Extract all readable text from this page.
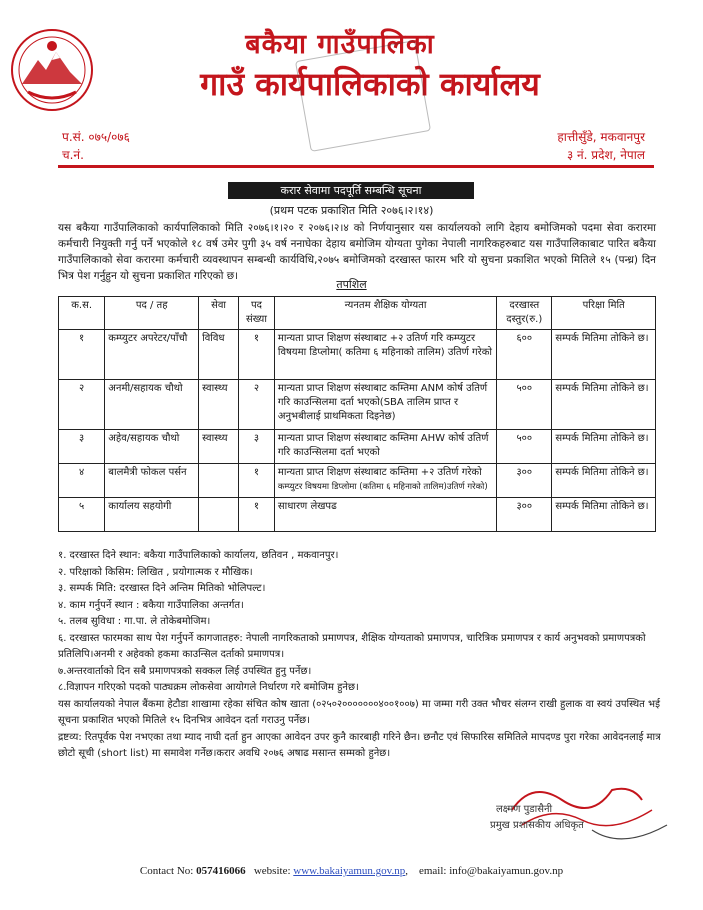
बकैया गाउँपालिका
गाउँ कार्यपालिकाको कार्यालय
प.सं. ०७५/०७६
च.नं.
हात्तीसुँडे, मकवानपुर
३ नं. प्रदेश, नेपाल
करार सेवामा पदपूर्ति सम्बन्धि सूचना
(प्रथम पटक प्रकाशित मिति २०७६।२।१४)
यस बकैया गाउँपालिकाको कार्यपालिकाको मिति २०७६।१।२० र २०७६।२।४ को निर्णयानुसार यस कार्यालयको लागि देहाय बमोजिमको पदमा सेवा करारमा कर्मचारी नियुक्ती गर्नु पर्ने भएकोले १८ वर्ष उमेर पुगी ३५ वर्ष ननाघेका देहाय बमोजिम योग्यता पुगेका नेपाली नागरिकहरुबाट यस गाउँपालिकाबाट पारित बकैया गाउँपालिकाको सेवा करारमा कर्मचारी व्यवस्थापन सम्बन्धी कार्यविधि,२०७५ बमोजिमको दरखास्त फारम भरि यो सुचना प्रकाशित भएको मितिले १५ (पन्ध्र) दिन भित्र पेश गर्नुहुन यो सुचना प्रकाशित गरिएको छ।
तपशिल
क.स.	पद / तह	सेवा	पद संख्या	न्यनतम शैक्षिक योग्यता	दरखास्त दस्तुर(रु.)	परिक्षा मिति
१	कम्प्युटर अपरेटर/पाँचौ	विविध	१	मान्यता प्राप्त शिक्षण संस्थाबाट +२ उतिर्ण गरि कम्प्युटर विषयमा डिप्लोमा( कतिमा ६ महिनाको तालिम) उतिर्ण गरेको	६००	सम्पर्क मितिमा तोकिने छ।
२	अनमी/सहायक चौथो	स्वास्थ्य	२	मान्यता प्राप्त शिक्षण संस्थाबाट कम्तिमा ANM कोर्ष उतिर्ण गरि काउन्सिलमा दर्ता भएको(SBA तालिम प्राप्त र अनुभबीलाई प्राथमिकता दिइनेछ)	५००	सम्पर्क मितिमा तोकिने छ।
३	अहेव/सहायक चौथो	स्वास्थ्य	३	मान्यता प्राप्त शिक्षण संस्थाबाट कम्तिमा AHW कोर्ष उतिर्ण गरि काउन्सिलमा दर्ता भएको	५००	सम्पर्क मितिमा तोकिने छ।
४	बालमैत्री फोकल पर्सन		१	मान्यता प्राप्त शिक्षण संस्थाबाट कम्तिमा +२ उतिर्ण गरेको
कम्प्युटर विषयमा डिप्लोमा (कतिमा ६ महिनाको तालिम)उतिर्ण गरेको)	३००	सम्पर्क मितिमा तोकिने छ।
५	कार्यालय सहयोगी		१	साधारण लेखपढ	३००	सम्पर्क मितिमा तोकिने छ।
१. दरखास्त दिने स्थान: बकैया गाउँपालिकाको कार्यालय, छतिवन , मकवानपुर।
२. परिक्षाको किसिम: लिखित , प्रयोगात्मक र मौखिक।
३. सम्पर्क मिति: दरखास्त दिने अन्तिम मितिको भोलिपल्ट।
४. काम गर्नुपर्ने स्थान : बकैया गाउँपालिका अन्तर्गत।
५. तलब सुविधा : गा.पा. ले तोकेबमोजिम।
६. दरखास्त फारमका साथ पेश गर्नुपर्ने कागजातहरु: नेपाली नागरिकताको प्रमाणपत्र, शैक्षिक योग्यताको प्रमाणपत्र, चारित्रिक प्रमाणपत्र र कार्य अनुभवको प्रमाणपत्रको प्रतिलिपि।अनमी र अहेवको हकमा काउन्सिल दर्ताको प्रमाणपत्र।
७.अन्तरवार्ताको दिन सबै प्रमाणपत्रको सक्कल लिई उपस्थित हुनु पर्नेछ।
८.विज्ञापन गरिएको पदको पाठ्यक्रम लोकसेवा आयोगले निर्धारण गरे बमोजिम हुनेछ।
यस कार्यालयको नेपाल बैंकमा हेटौडा शाखामा रहेका संचित कोष खाता (०२५०२०००००००४००१००७) मा जम्मा गरी उक्त भौचर संलग्न राखी हुलाक वा स्वयं उपस्थित भई सूचना प्रकाशित भएको मितिले १५ दिनभित्र आवेदन दर्ता गराउनु पर्नेछ।
द्रष्टव्य: रितपूर्वक पेश नभएका तथा म्याद नाघी दर्ता हुन आएका आवेदन उपर कुनै कारबाही गरिने छैन। छनौट एवं सिफारिस समितिले मापदण्ड पुरा गरेका आवेदनलाई मात्र छोटो सूची (short list) मा समावेश गर्नेछ।करार अवधि २०७६ अषाढ मसान्त सम्मको हुनेछ।
लक्ष्मण पुडासैनी
प्रमुख प्रशासकीय अधिकृत
Contact No: 057416066 website: www.bakaiyamun.gov.np,    email: info@bakaiyamun.gov.np
